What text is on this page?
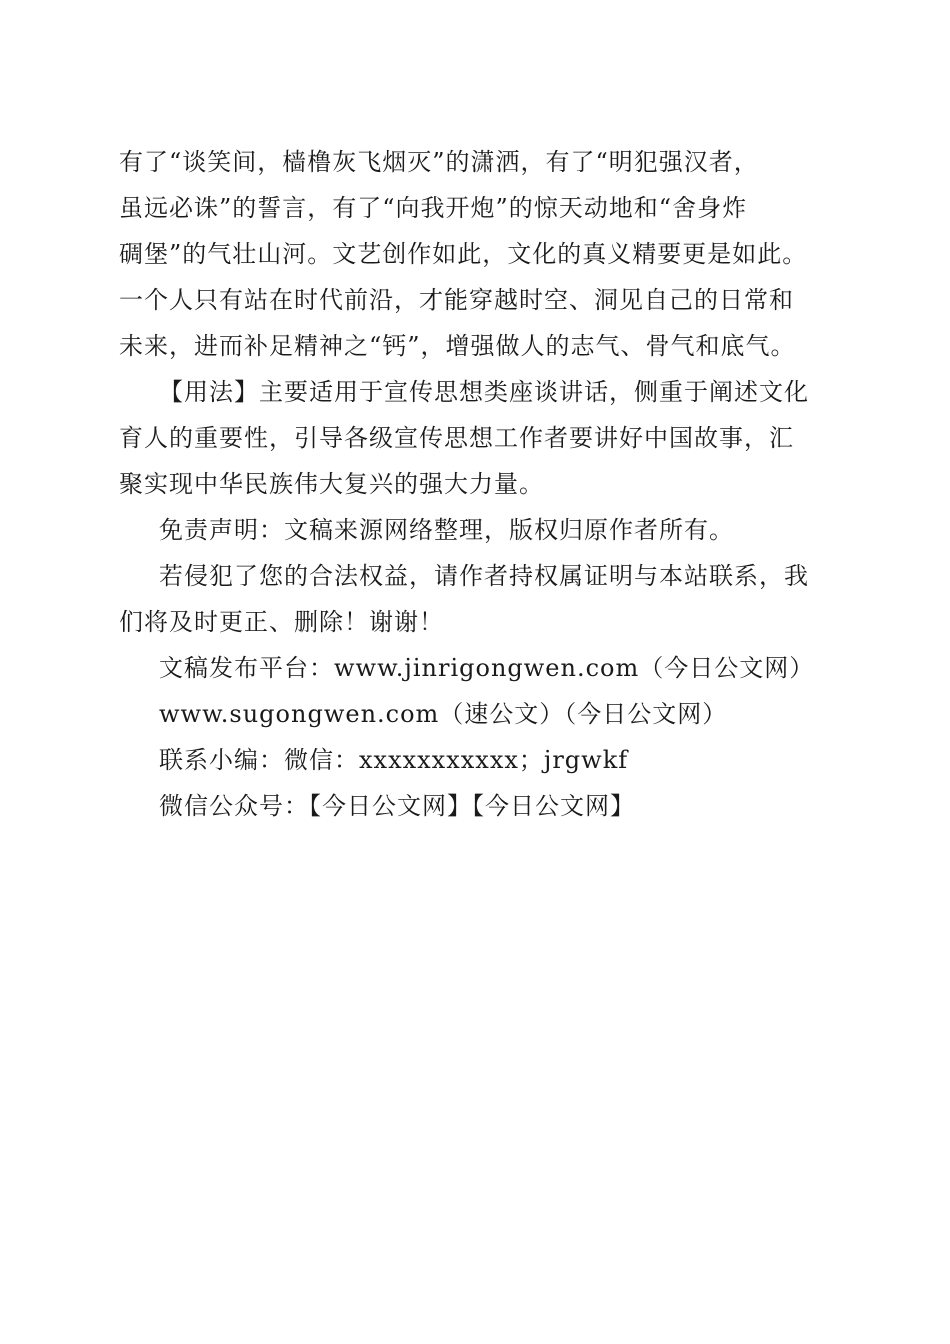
有了“谈笑间，樯橹灰飞烟灭”的潇洒，有了“明犯强汉者，
虽远必诛”的誓言，有了“向我开炮”的惊天动地和“舍身炸
碉堡”的气壮山河。文艺创作如此，文化的真义精要更是如此。
一个人只有站在时代前沿，才能穿越时空、洞见自己的日常和
未来，进而补足精神之“钙”，增强做人的志气、骨气和底气。
【用法】主要适用于宣传思想类座谈讲话，侧重于阐述文化
育人的重要性，引导各级宣传思想工作者要讲好中国故事，汇
聚实现中华民族伟大复兴的强大力量。
免责声明：文稿来源网络整理，版权归原作者所有。
若侵犯了您的合法权益，请作者持权属证明与本站联系，我
们将及时更正、删除！谢谢！
文稿发布平台：www.jinrigongwen.com（今日公文网）
www.sugongwen.com（速公文）（今日公文网）
联系小编：微信：xxxxxxxxxxx；jrgwkf
微信公众号：【今日公文网】【今日公文网】
